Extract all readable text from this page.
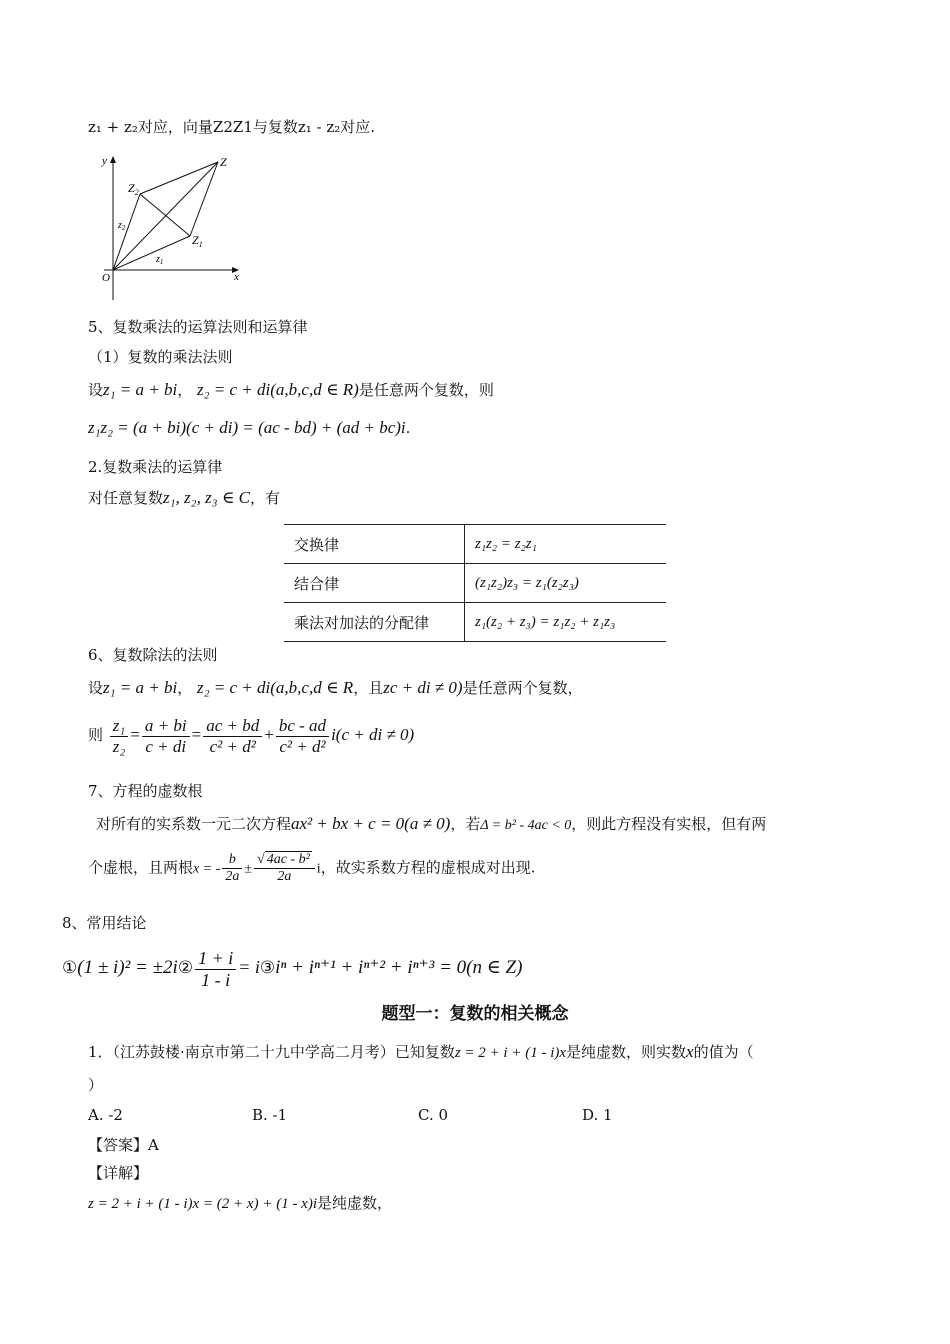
z₁ + z₂对应，向量Z2Z1与复数z₁ - z₂对应.
y
x
O
Z
$Z_1$
$Z_2$
$z_1$
$z_2$
5、复数乘法的运算法则和运算律
（1）复数的乘法法则
设z₁ = a + bi， z₂ = c + di(a,b,c,d ∈ R)是任意两个复数，则
z₁z₂ = (a + bi)(c + di) = (ac - bd) + (ad + bc)i.
2.复数乘法的运算律
对任意复数z₁, z₂, z₃ ∈ C，有
交换律	z₁z₂ = z₂z₁
结合律	(z₁z₂)z₃ = z₁(z₂z₃)
乘法对加法的分配律	z₁(z₂ + z₃) = z₁z₂ + z₁z₃
6、复数除法的法则
设z₁ = a + bi， z₂ = c + di(a,b,c,d ∈ R，且zc + di ≠ 0)是任意两个复数，
则 $\frac{\text{z₁}}{\text{z₂}} = \frac{a + bi}{c + di} = \frac{ac + bd}{\text{c² + d²}} + \frac{bc - ad}{\text{c² + d²}} i(c$ + di ≠ 0)
7、方程的虚数根
对所有的实系数一元二次方程ax² + bx + c = 0(a ≠ 0)，若Δ = b² - 4ac < 0，则此方程没有实根，但有两
个虚根，且两根x = - $\frac{b}{2a} \pm \frac{\text{√ 4ac - b²}}{2a}$ i，故实系数方程的虚根成对出现.
8、常用结论
①(1 ± i)² = ±2i② $\frac{1 + i}{1 - i}$ = i③iⁿ + iⁿ⁺¹ + iⁿ⁺² + iⁿ⁺³ = 0(n ∈ Z)
题型一：复数的相关概念
1．（江苏鼓楼·南京市第二十九中学高二月考）已知复数z = 2 + i + (1 - i)x是纯虚数，则实数x的值为（
）
A. -2	B. -1	C. 0	D. 1
【答案】A
【详解】
z = 2 + i + (1 - i)x = (2 + x) + (1 - x)i是纯虚数，
